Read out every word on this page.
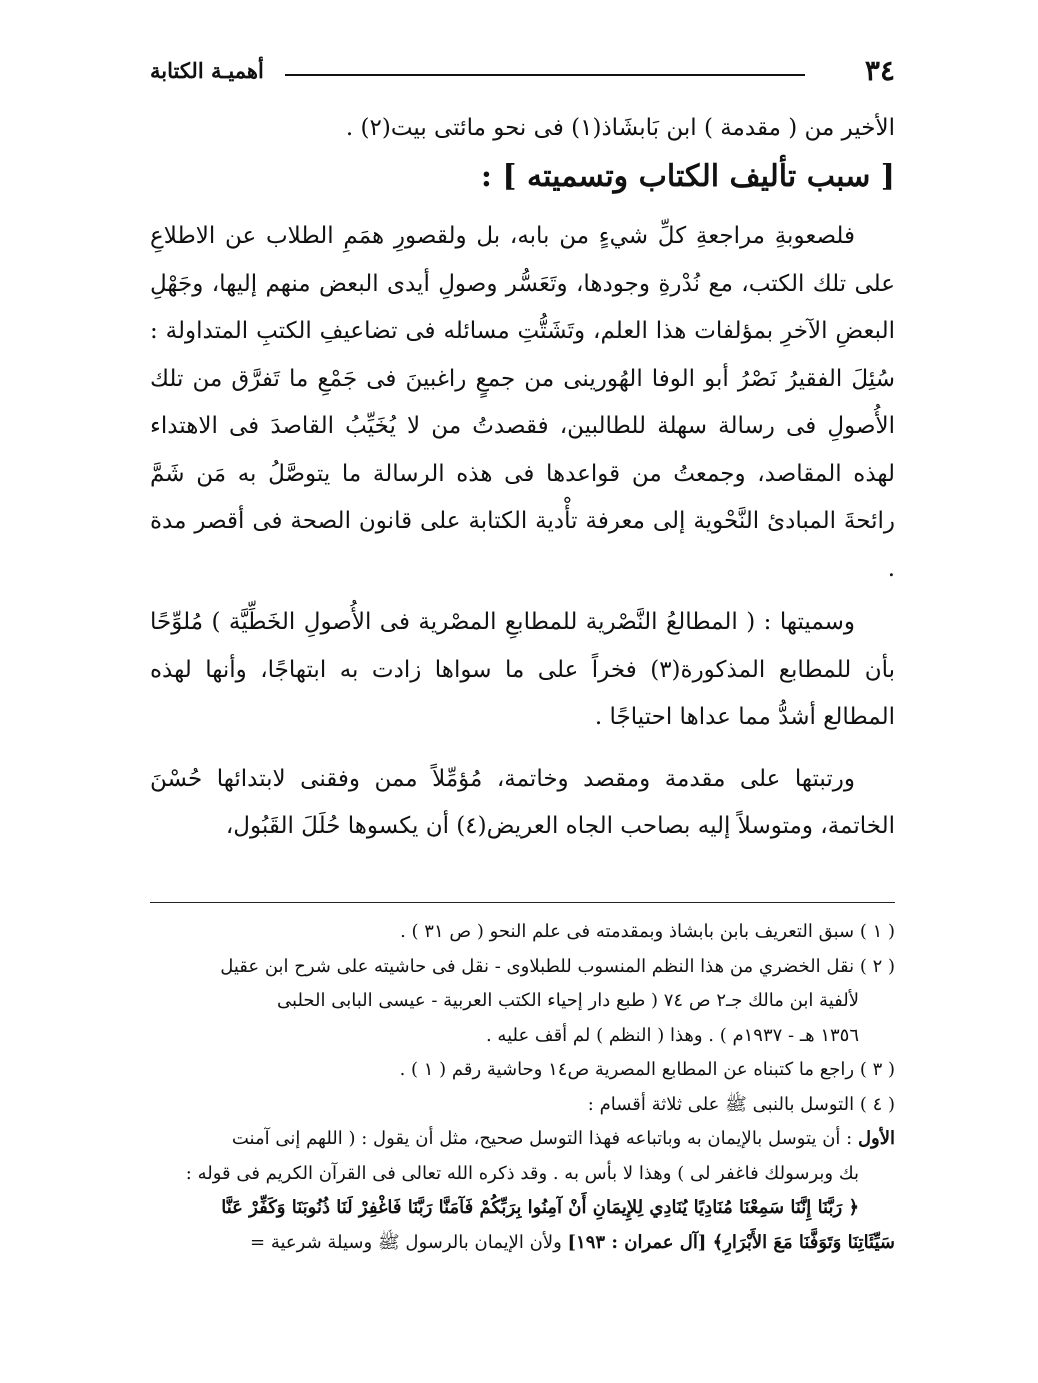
٣٤
أهميـة الكتابة

الأخير من ( مقدمة ) ابن بَابشَاذ(١) فى نحو مائتى بيت(٢) .

[ سبب تأليف الكتاب وتسميته ] :

فلصعوبةِ مراجعةِ كلِّ شيءٍ من بابه، بل ولقصورِ همَمِ الطلاب عن الاطلاعِ على تلك الكتب، مع نُدْرةِ وجودها، وتَعَسُّر وصولِ أيدى البعض منهم إليها، وجَهْلِ البعضِ الآخرِ بمؤلفات هذا العلم، وتَشَتُّتِ مسائله فى تضاعيفِ الكتبِ المتداولة : سُئِلَ الفقيرُ نَصْرُ أبو الوفا الهُورينى من جمعٍ راغبينَ فى جَمْعِ ما تَفرَّق من تلك الأُصولِ فى رسالة سهلة للطالبين، فقصدتُ من لا يُخَيِّبُ القاصدَ فى الاهتداء لهذه المقاصد، وجمعتُ من قواعدها فى هذه الرسالة ما يتوصَّلُ به مَن شَمَّ رائحةَ المبادئ النَّحْوية إلى معرفة تأْدية الكتابة على قانون الصحة فى أقصر مدة .

وسميتها : ( المطالعُ النَّصْرية للمطابعِ المصْرية فى الأُصولِ الخَطِّيَّة ) مُلوِّحًا بأن للمطابع المذكورة(٣) فخراً على ما سواها زادت به ابتهاجًا، وأنها لهذه المطالع أشدُّ مما عداها احتياجًا .

ورتبتها على مقدمة ومقصد وخاتمة، مُؤمِّلاً ممن وفقنى لابتدائها حُسْنَ الخاتمة، ومتوسلاً إليه بصاحب الجاه العريض(٤) أن يكسوها حُلَلَ القَبُول،

( ١ ) سبق التعريف بابن بابشاذ وبمقدمته فى علم النحو ( ص ٣١ ) .

( ٢ ) نقل الخضري من هذا النظم المنسوب للطبلاوى - نقل فى حاشيته على شرح ابن عقيل

لألفية ابن مالك جـ٢ ص ٧٤ ( طبع دار إحياء الكتب العربية - عيسى البابى الحلبى

١٣٥٦ هـ - ١٩٣٧م ) . وهذا ( النظم ) لم أقف عليه .

( ٣ ) راجع ما كتبناه عن المطابع المصرية ص١٤ وحاشية رقم ( ١ ) .

( ٤ ) التوسل بالنبى ﷺ على ثلاثة أقسام :

الأول : أن يتوسل بالإيمان به وباتباعه فهذا التوسل صحيح، مثل أن يقول : ( اللهم إنى آمنت

بك وبرسولك فاغفر لى ) وهذا لا بأس به . وقد ذكره الله تعالى فى القرآن الكريم فى قوله :

﴿ رَبَّنَا إِنَّنَا سَمِعْنَا مُنَادِيًا يُنَادِي لِلإِيمَانِ أَنْ آمِنُوا بِرَبِّكُمْ فَآمَنَّا رَبَّنَا فَاغْفِرْ لَنَا ذُنُوبَنَا وَكَفِّرْ عَنَّا

سَيِّئَاتِنَا وَتَوَفَّنَا مَعَ الأَبْرَارِ﴾ [آل عمران : ١٩٣] ولأن الإيمان بالرسول ﷺ وسيلة شرعية =
